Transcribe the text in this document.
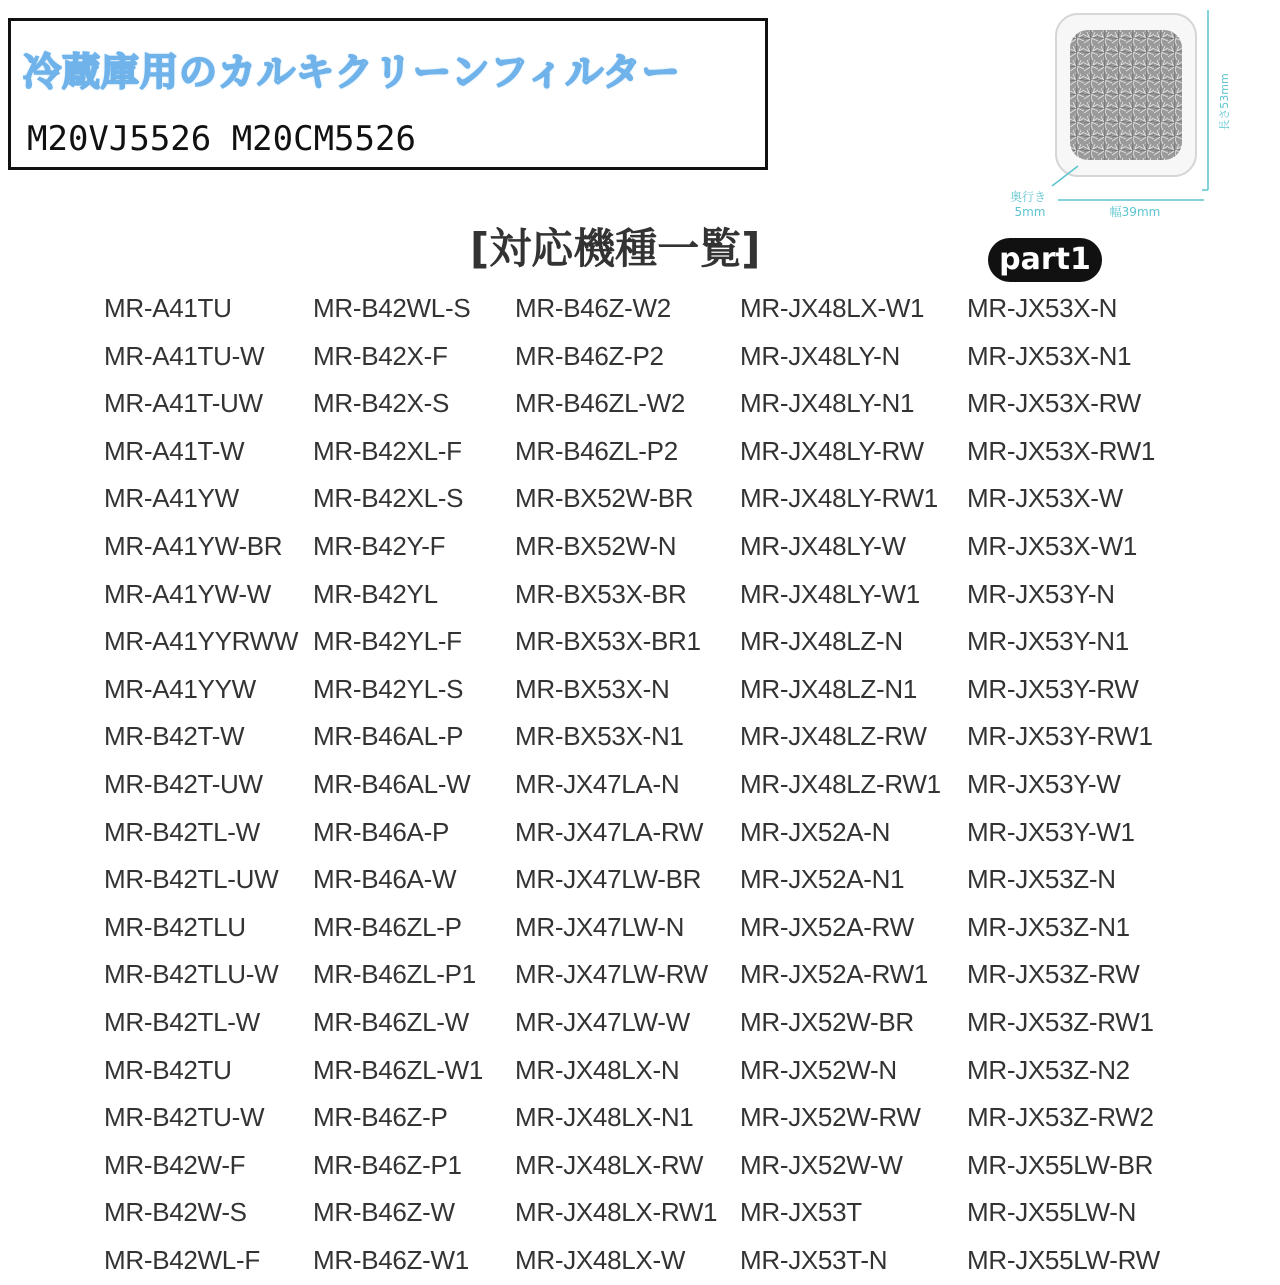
冷蔵庫用のカルキクリーンフィルター
M20VJ5526 M20CM5526
長さ53mm
奥行き
5mm	幅39mm
[対応機種一覧]	part1
MR-A41TU
MR-A41TU-W
MR-A41T-UW
MR-A41T-W
MR-A41YW
MR-A41YW-BR
MR-A41YW-W
MR-A41YYRWW
MR-A41YYW
MR-B42T-W
MR-B42T-UW
MR-B42TL-W
MR-B42TL-UW
MR-B42TLU
MR-B42TLU-W
MR-B42TL-W
MR-B42TU
MR-B42TU-W
MR-B42W-F
MR-B42W-S
MR-B42WL-F
MR-B42WL-S
MR-B42X-F
MR-B42X-S
MR-B42XL-F
MR-B42XL-S
MR-B42Y-F
MR-B42YL
MR-B42YL-F
MR-B42YL-S
MR-B46AL-P
MR-B46AL-W
MR-B46A-P
MR-B46A-W
MR-B46ZL-P
MR-B46ZL-P1
MR-B46ZL-W
MR-B46ZL-W1
MR-B46Z-P
MR-B46Z-P1
MR-B46Z-W
MR-B46Z-W1
MR-B46Z-W2
MR-B46Z-P2
MR-B46ZL-W2
MR-B46ZL-P2
MR-BX52W-BR
MR-BX52W-N
MR-BX53X-BR
MR-BX53X-BR1
MR-BX53X-N
MR-BX53X-N1
MR-JX47LA-N
MR-JX47LA-RW
MR-JX47LW-BR
MR-JX47LW-N
MR-JX47LW-RW
MR-JX47LW-W
MR-JX48LX-N
MR-JX48LX-N1
MR-JX48LX-RW
MR-JX48LX-RW1
MR-JX48LX-W
MR-JX48LX-W1
MR-JX48LY-N
MR-JX48LY-N1
MR-JX48LY-RW
MR-JX48LY-RW1
MR-JX48LY-W
MR-JX48LY-W1
MR-JX48LZ-N
MR-JX48LZ-N1
MR-JX48LZ-RW
MR-JX48LZ-RW1
MR-JX52A-N
MR-JX52A-N1
MR-JX52A-RW
MR-JX52A-RW1
MR-JX52W-BR
MR-JX52W-N
MR-JX52W-RW
MR-JX52W-W
MR-JX53T
MR-JX53T-N
MR-JX53X-N
MR-JX53X-N1
MR-JX53X-RW
MR-JX53X-RW1
MR-JX53X-W
MR-JX53X-W1
MR-JX53Y-N
MR-JX53Y-N1
MR-JX53Y-RW
MR-JX53Y-RW1
MR-JX53Y-W
MR-JX53Y-W1
MR-JX53Z-N
MR-JX53Z-N1
MR-JX53Z-RW
MR-JX53Z-RW1
MR-JX53Z-N2
MR-JX53Z-RW2
MR-JX55LW-BR
MR-JX55LW-N
MR-JX55LW-RW
